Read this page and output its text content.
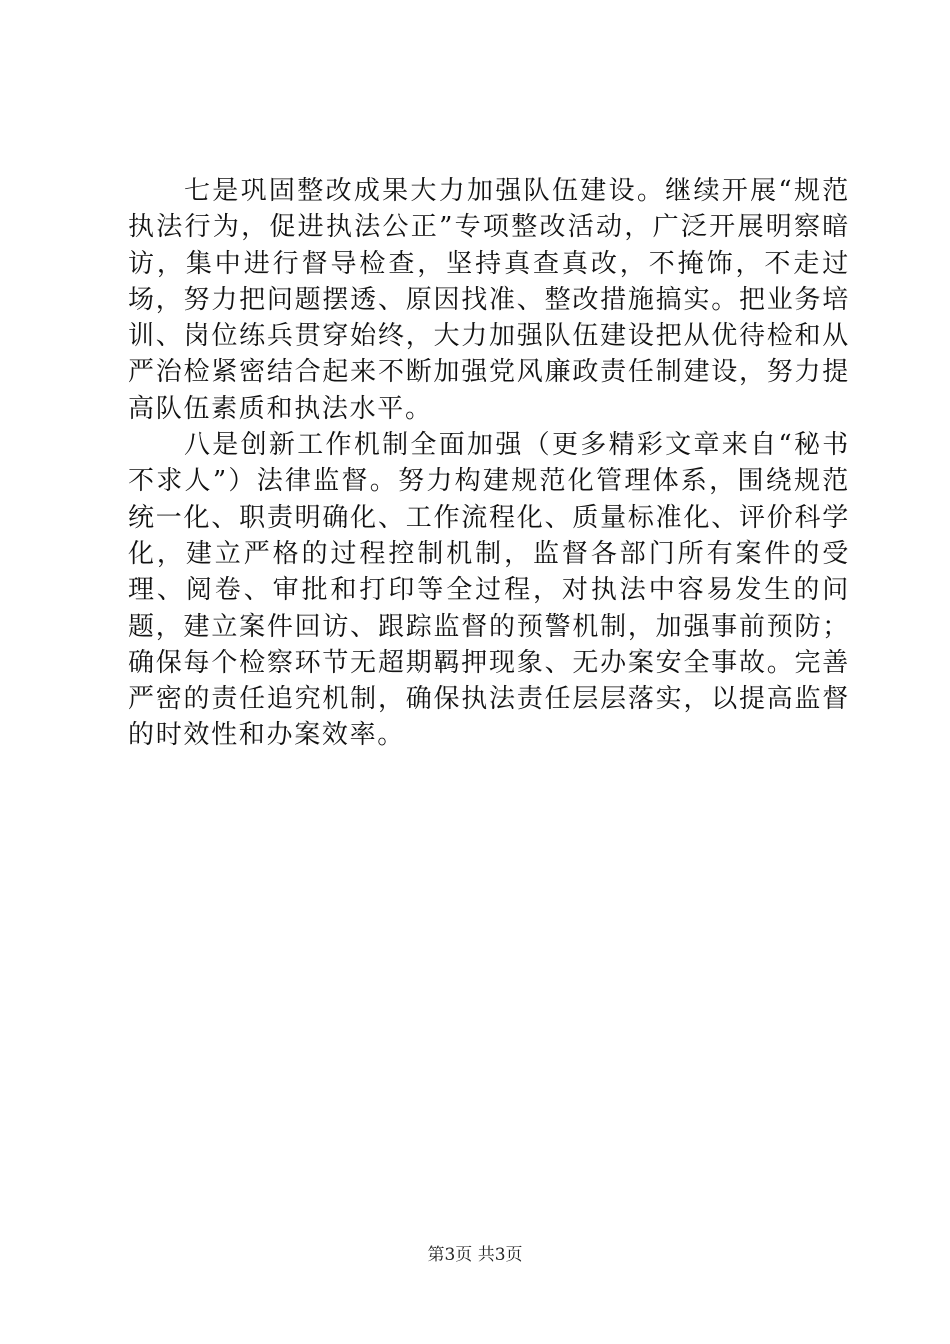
七是巩固整改成果大力加强队伍建设。继续开展“规范执法行为，促进执法公正”专项整改活动，广泛开展明察暗访，集中进行督导检查，坚持真查真改，不掩饰，不走过场，努力把问题摆透、原因找准、整改措施搞实。把业务培训、岗位练兵贯穿始终，大力加强队伍建设把从优待检和从严治检紧密结合起来不断加强党风廉政责任制建设，努力提高队伍素质和执法水平。

八是创新工作机制全面加强（更多精彩文章来自“秘书不求人”）法律监督。努力构建规范化管理体系，围绕规范统一化、职责明确化、工作流程化、质量标准化、评价科学化，建立严格的过程控制机制，监督各部门所有案件的受理、阅卷、审批和打印等全过程，对执法中容易发生的问题，建立案件回访、跟踪监督的预警机制，加强事前预防；确保每个检察环节无超期羁押现象、无办案安全事故。完善严密的责任追究机制，确保执法责任层层落实，以提高监督的时效性和办案效率。

第3页 共3页
